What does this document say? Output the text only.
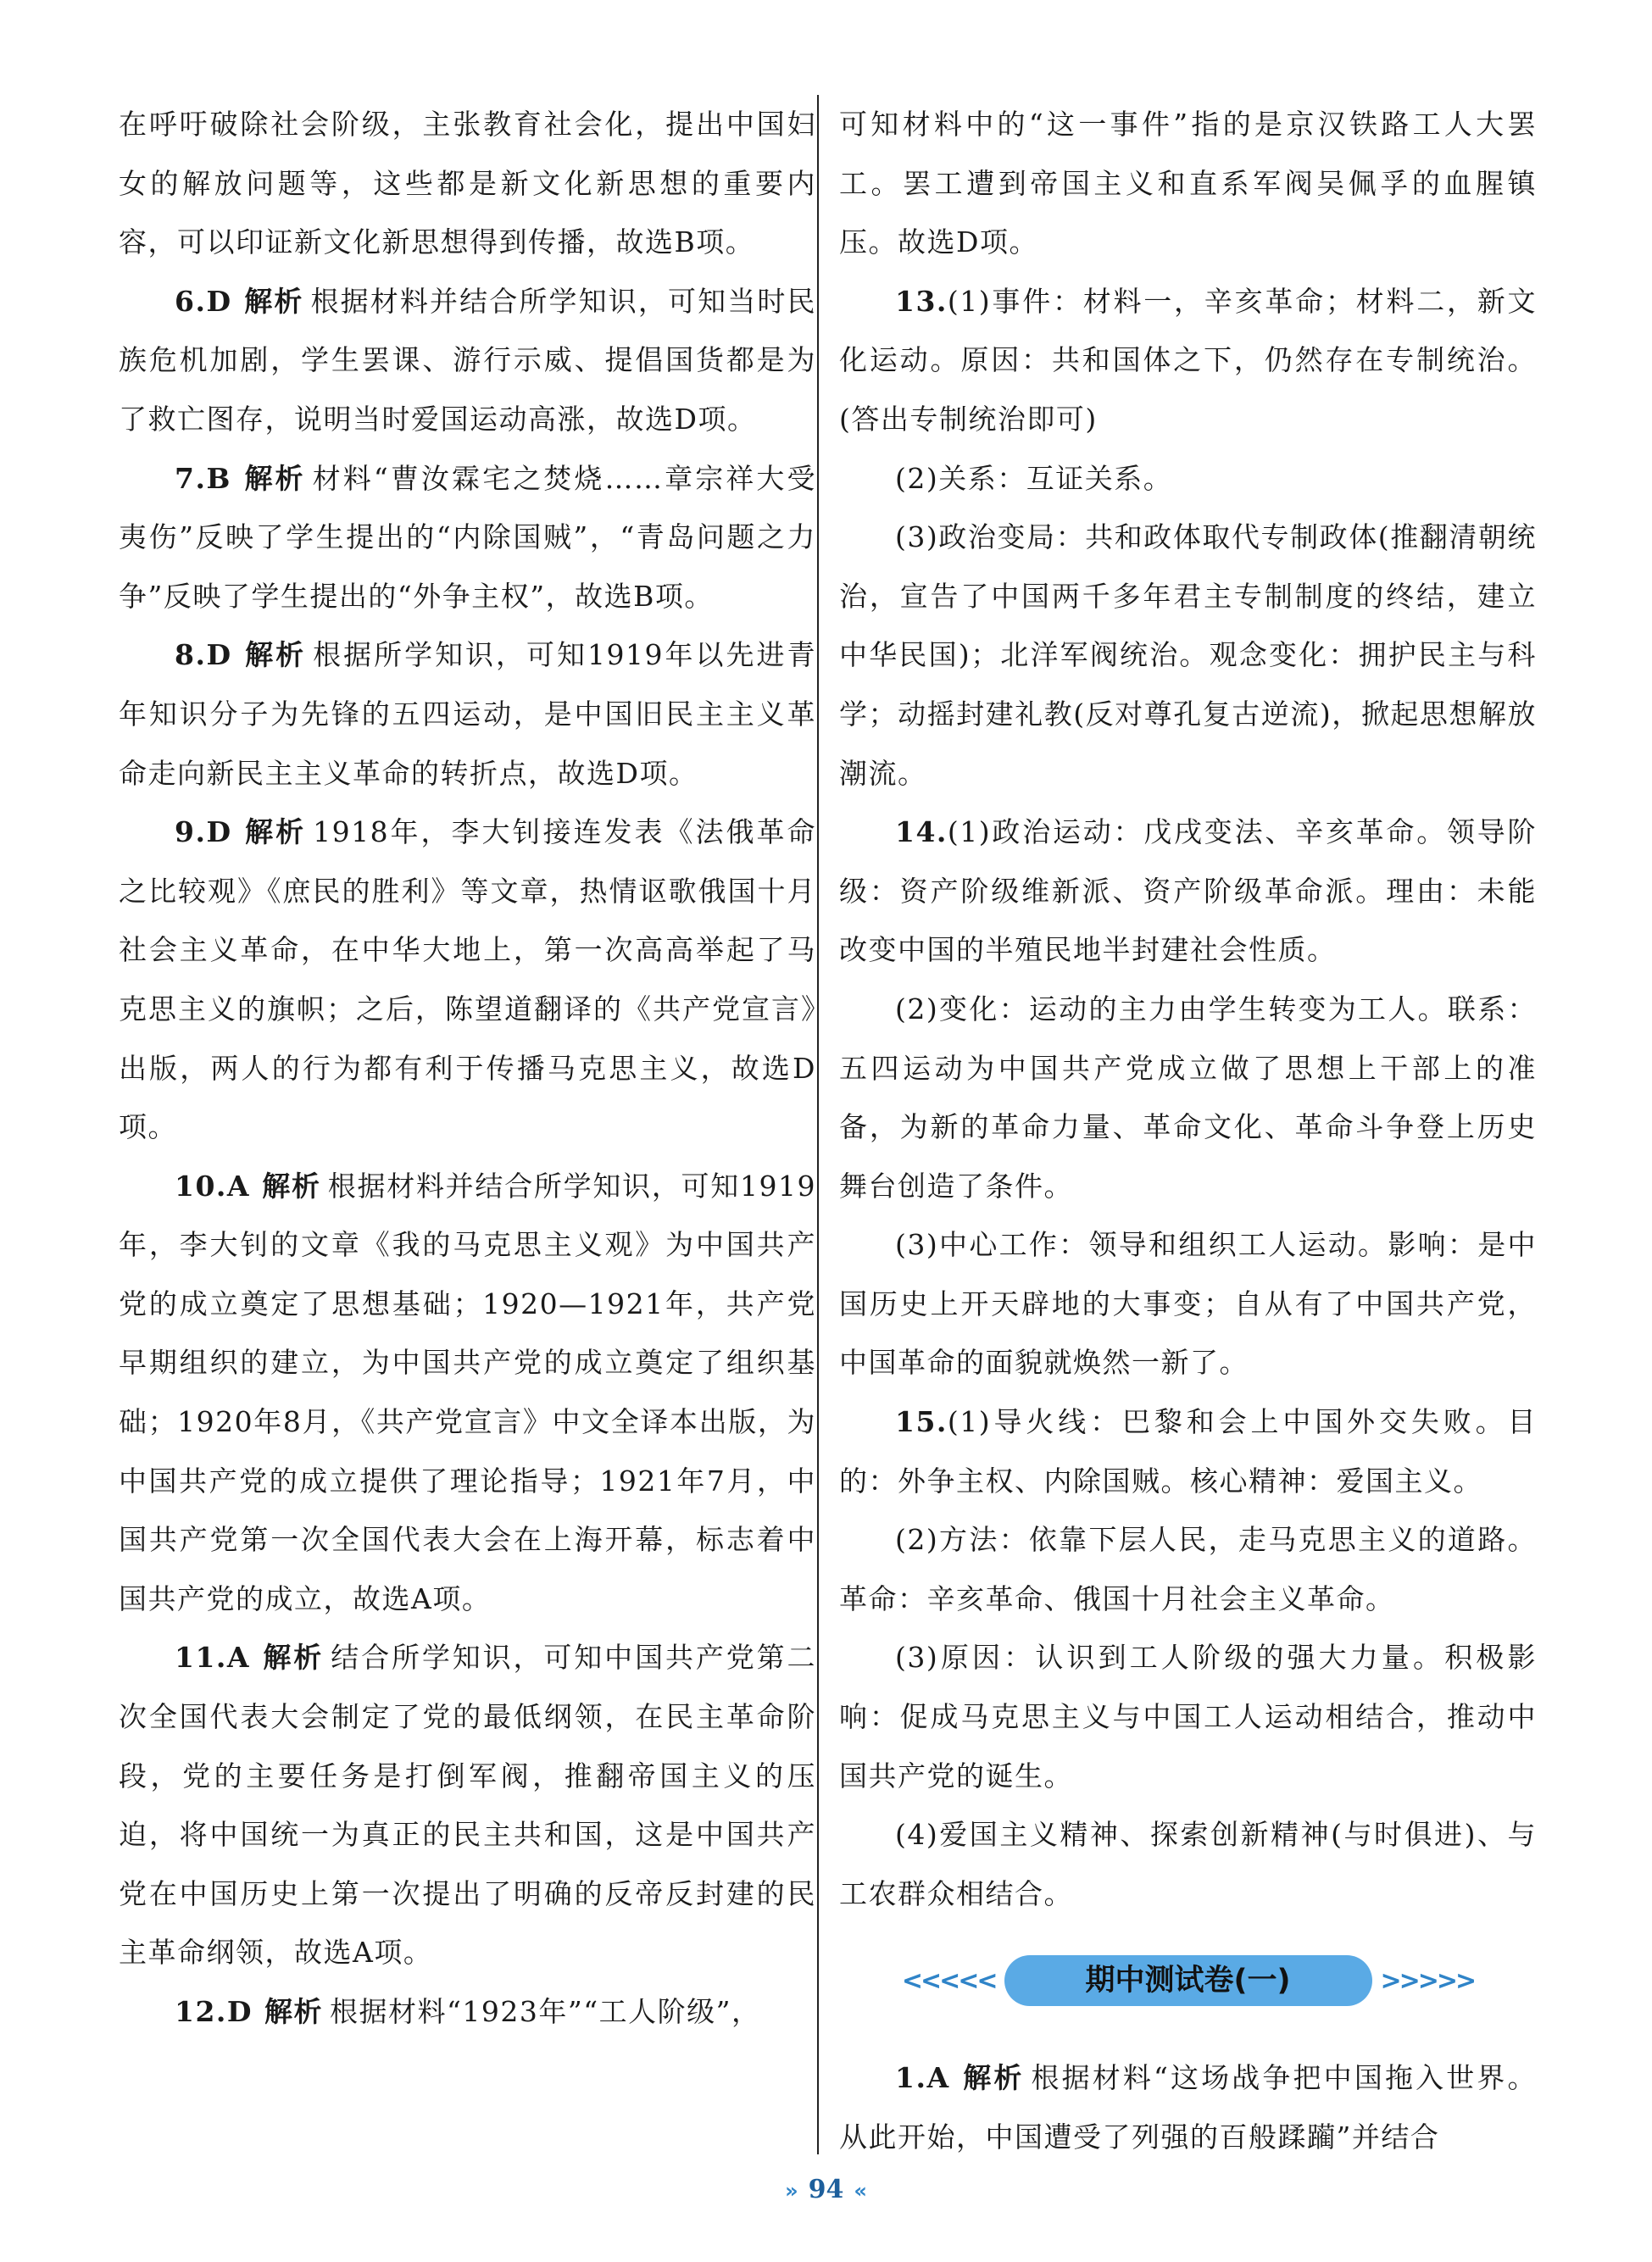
在呼吁破除社会阶级，主张教育社会化，提出中国妇女的解放问题等，这些都是新文化新思想的重要内容，可以印证新文化新思想得到传播，故选B项。

6.D 解析 根据材料并结合所学知识，可知当时民族危机加剧，学生罢课、游行示威、提倡国货都是为了救亡图存，说明当时爱国运动高涨，故选D项。

7.B 解析 材料“曹汝霖宅之焚烧……章宗祥大受夷伤”反映了学生提出的“内除国贼”，“青岛问题之力争”反映了学生提出的“外争主权”，故选B项。

8.D 解析 根据所学知识，可知1919年以先进青年知识分子为先锋的五四运动，是中国旧民主主义革命走向新民主主义革命的转折点，故选D项。

9.D 解析 1918年，李大钊接连发表《法俄革命之比较观》《庶民的胜利》等文章，热情讴歌俄国十月社会主义革命，在中华大地上，第一次高高举起了马克思主义的旗帜；之后，陈望道翻译的《共产党宣言》出版，两人的行为都有利于传播马克思主义，故选D项。

10.A 解析 根据材料并结合所学知识，可知1919年，李大钊的文章《我的马克思主义观》为中国共产党的成立奠定了思想基础；1920—1921年，共产党早期组织的建立，为中国共产党的成立奠定了组织基础；1920年8月，《共产党宣言》中文全译本出版，为中国共产党的成立提供了理论指导；1921年7月，中国共产党第一次全国代表大会在上海开幕，标志着中国共产党的成立，故选A项。

11.A 解析 结合所学知识，可知中国共产党第二次全国代表大会制定了党的最低纲领，在民主革命阶段，党的主要任务是打倒军阀，推翻帝国主义的压迫，将中国统一为真正的民主共和国，这是中国共产党在中国历史上第一次提出了明确的反帝反封建的民主革命纲领，故选A项。

12.D 解析 根据材料“1923年”“工人阶级”，

可知材料中的“这一事件”指的是京汉铁路工人大罢工。罢工遭到帝国主义和直系军阀吴佩孚的血腥镇压。故选D项。

13.(1)事件：材料一，辛亥革命；材料二，新文化运动。原因：共和国体之下，仍然存在专制统治。(答出专制统治即可)

(2)关系：互证关系。

(3)政治变局：共和政体取代专制政体(推翻清朝统治，宣告了中国两千多年君主专制制度的终结，建立中华民国)；北洋军阀统治。观念变化：拥护民主与科学；动摇封建礼教(反对尊孔复古逆流)，掀起思想解放潮流。

14.(1)政治运动：戊戌变法、辛亥革命。领导阶级：资产阶级维新派、资产阶级革命派。理由：未能改变中国的半殖民地半封建社会性质。

(2)变化：运动的主力由学生转变为工人。联系：五四运动为中国共产党成立做了思想上干部上的准备，为新的革命力量、革命文化、革命斗争登上历史舞台创造了条件。

(3)中心工作：领导和组织工人运动。影响：是中国历史上开天辟地的大事变；自从有了中国共产党，中国革命的面貌就焕然一新了。

15.(1)导火线：巴黎和会上中国外交失败。目的：外争主权、内除国贼。核心精神：爱国主义。

(2)方法：依靠下层人民，走马克思主义的道路。革命：辛亥革命、俄国十月社会主义革命。

(3)原因：认识到工人阶级的强大力量。积极影响：促成马克思主义与中国工人运动相结合，推动中国共产党的诞生。

(4)爱国主义精神、探索创新精神(与时俱进)、与工农群众相结合。

<<<<<	期中测试卷(一)	>>>>>

1.A 解析 根据材料“这场战争把中国拖入世界。从此开始，中国遭受了列强的百般蹂躏”并结合

» 94 «
